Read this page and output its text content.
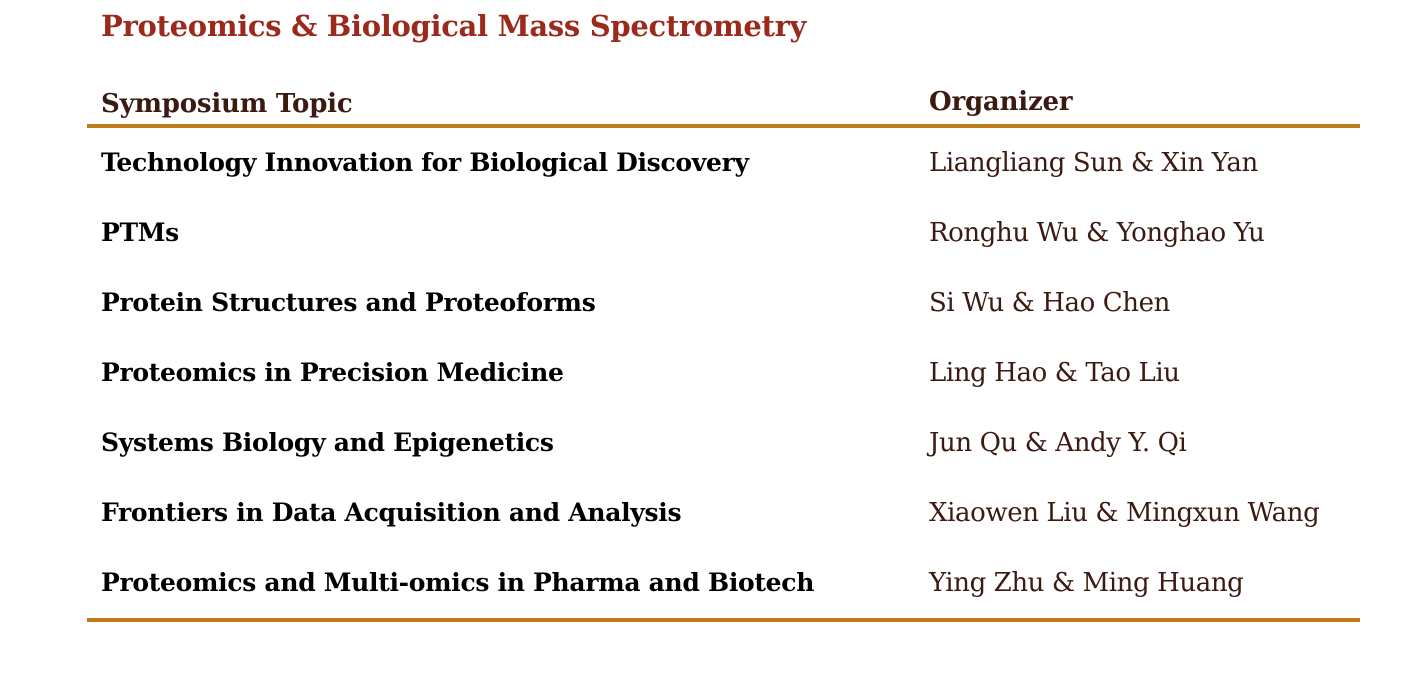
Proteomics & Biological Mass Spectrometry
Symposium Topic	Organizer
Technology Innovation for Biological Discovery	Liangliang Sun & Xin Yan
PTMs	Ronghu Wu & Yonghao Yu
Protein Structures and Proteoforms	Si Wu & Hao Chen
Proteomics in Precision Medicine	Ling Hao & Tao Liu
Systems Biology and Epigenetics	Jun Qu & Andy Y. Qi
Frontiers in Data Acquisition and Analysis	Xiaowen Liu & Mingxun Wang
Proteomics and Multi-omics in Pharma and Biotech	Ying Zhu & Ming Huang
